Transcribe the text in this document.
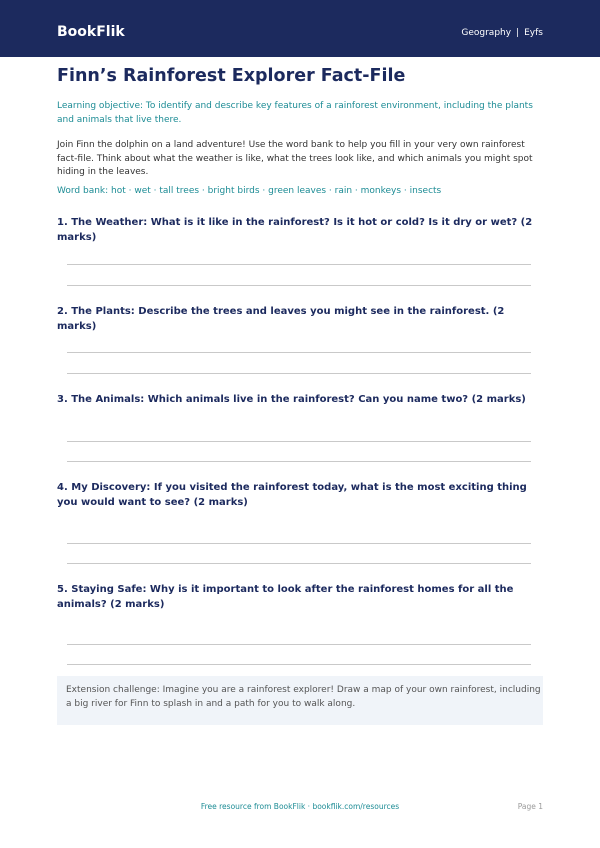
BookFlik	Geography | Eyfs
Finn’s Rainforest Explorer Fact-File
Learning objective: To identify and describe key features of a rainforest environment, including the plants and animals that live there.
Join Finn the dolphin on a land adventure! Use the word bank to help you fill in your very own rainforest fact-file. Think about what the weather is like, what the trees look like, and which animals you might spot hiding in the leaves.
Word bank: hot · wet · tall trees · bright birds · green leaves · rain · monkeys · insects
1. The Weather: What is it like in the rainforest? Is it hot or cold? Is it dry or wet? (2 marks)
2. The Plants: Describe the trees and leaves you might see in the rainforest. (2 marks)
3. The Animals: Which animals live in the rainforest? Can you name two? (2 marks)
4. My Discovery: If you visited the rainforest today, what is the most exciting thing you would want to see? (2 marks)
5. Staying Safe: Why is it important to look after the rainforest homes for all the animals? (2 marks)
Extension challenge: Imagine you are a rainforest explorer! Draw a map of your own rainforest, including a big river for Finn to splash in and a path for you to walk along.
Free resource from BookFlik · bookflik.com/resources	Page 1
